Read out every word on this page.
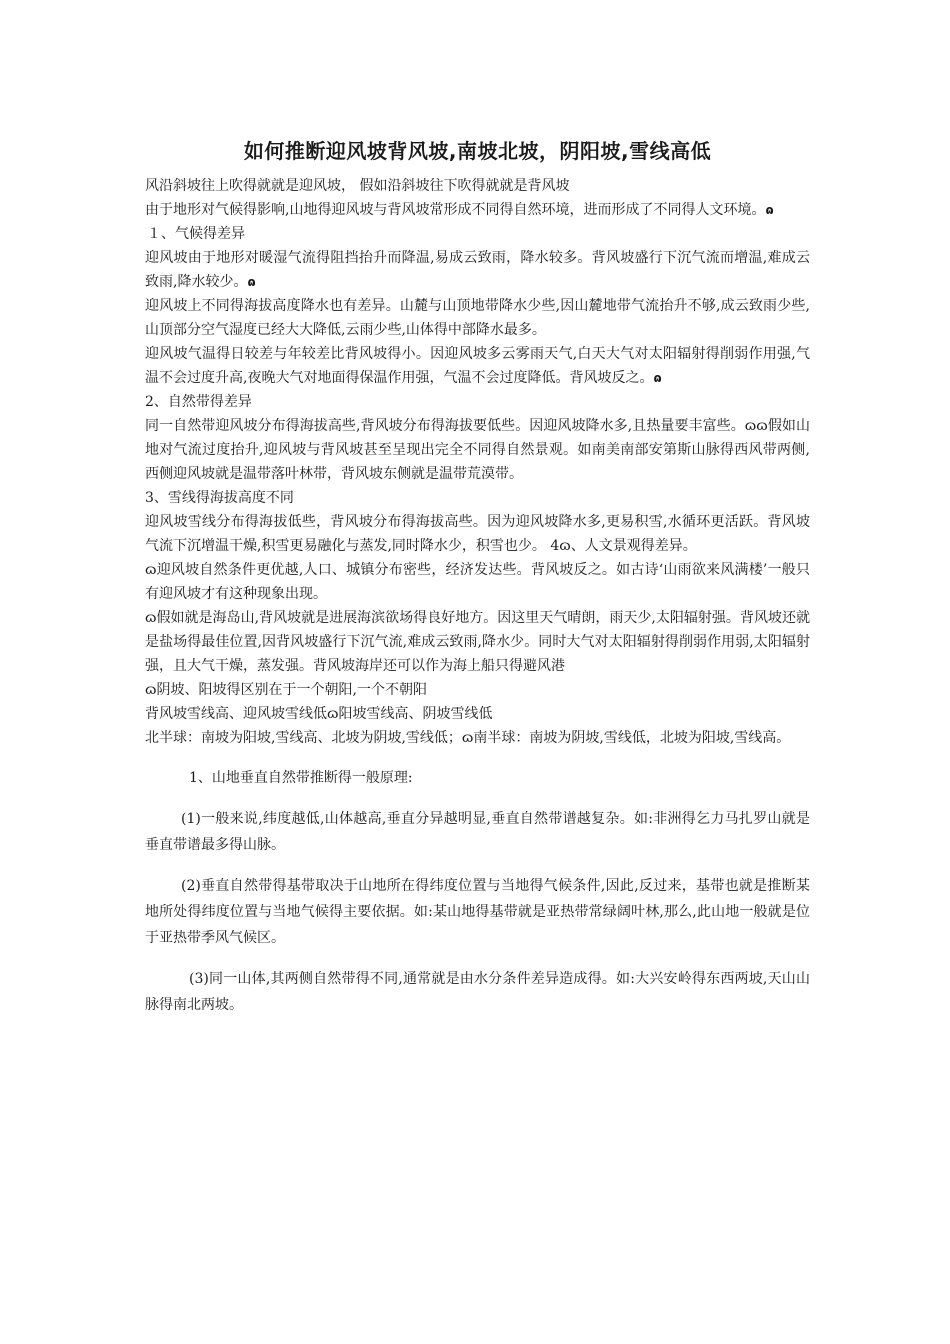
如何推断迎风坡背风坡,南坡北坡，阴阳坡,雪线高低

风沿斜坡往上吹得就就是迎风坡， 假如沿斜坡往下吹得就就是背风坡

由于地形对气候得影响,山地得迎风坡与背风坡常形成不同得自然环境，进而形成了不同得人文环境。ɷ

１、气候得差异

迎风坡由于地形对暖湿气流得阻挡抬升而降温,易成云致雨，降水较多。背风坡盛行下沉气流而增温,难成云致雨,降水较少。ɷ

迎风坡上不同得海拔高度降水也有差异。山麓与山顶地带降水少些,因山麓地带气流抬升不够,成云致雨少些,山顶部分空气湿度已经大大降低,云雨少些,山体得中部降水最多。

迎风坡气温得日较差与年较差比背风坡得小。因迎风坡多云雾雨天气,白天大气对太阳辐射得削弱作用强,气温不会过度升高,夜晚大气对地面得保温作用强，气温不会过度降低。背风坡反之。ɷ

2、自然带得差异

同一自然带迎风坡分布得海拔高些,背风坡分布得海拔要低些。因迎风坡降水多,且热量要丰富些。ɷɷ假如山地对气流过度抬升,迎风坡与背风坡甚至呈现出完全不同得自然景观。如南美南部安第斯山脉得西风带两侧,西侧迎风坡就是温带落叶林带，背风坡东侧就是温带荒漠带。

3、雪线得海拔高度不同

迎风坡雪线分布得海拔低些，背风坡分布得海拔高些。因为迎风坡降水多,更易积雪,水循环更活跃。背风坡气流下沉增温干燥,积雪更易融化与蒸发,同时降水少，积雪也少。 4ɷ、人文景观得差异。

ɷ迎风坡自然条件更优越,人口、城镇分布密些，经济发达些。背风坡反之。如古诗‘山雨欲来风满楼’一般只有迎风坡才有这种现象出现。

ɷ假如就是海岛山,背风坡就是进展海滨欲场得良好地方。因这里天气晴朗，雨天少,太阳辐射强。背风坡还就是盐场得最佳位置,因背风坡盛行下沉气流,难成云致雨,降水少。同时大气对太阳辐射得削弱作用弱,太阳辐射强，且大气干燥，蒸发强。背风坡海岸还可以作为海上船只得避风港

ɷ阴坡、阳坡得区别在于一个朝阳,一个不朝阳

背风坡雪线高、迎风坡雪线低ɷ阳坡雪线高、阴坡雪线低

北半球：南坡为阳坡,雪线高、北坡为阴坡,雪线低；ɷ南半球：南坡为阴坡,雪线低，北坡为阳坡,雪线高。

1、山地垂直自然带推断得一般原理:

(1)一般来说,纬度越低,山体越高,垂直分异越明显,垂直自然带谱越复杂。如:非洲得乞力马扎罗山就是垂直带谱最多得山脉。

(2)垂直自然带得基带取决于山地所在得纬度位置与当地得气候条件,因此,反过来，基带也就是推断某地所处得纬度位置与当地气候得主要依据。如:某山地得基带就是亚热带常绿阔叶林,那么,此山地一般就是位于亚热带季风气候区。

(3)同一山体,其两侧自然带得不同,通常就是由水分条件差异造成得。如:大兴安岭得东西两坡,天山山脉得南北两坡。
